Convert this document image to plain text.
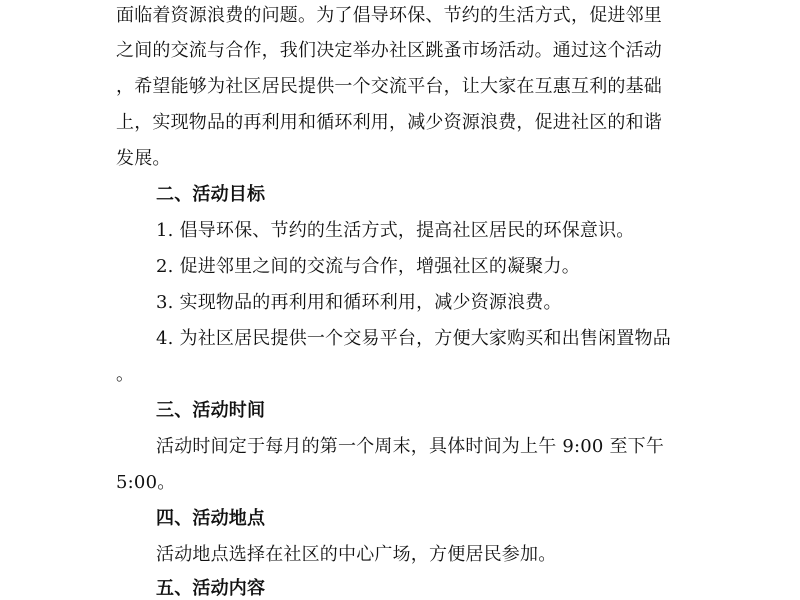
面临着资源浪费的问题。为了倡导环保、节约的生活方式，促进邻里
之间的交流与合作，我们决定举办社区跳蚤市场活动。通过这个活动
，希望能够为社区居民提供一个交流平台，让大家在互惠互利的基础
上，实现物品的再利用和循环利用，减少资源浪费，促进社区的和谐
发展。
二、活动目标
1. 倡导环保、节约的生活方式，提高社区居民的环保意识。
2. 促进邻里之间的交流与合作，增强社区的凝聚力。
3. 实现物品的再利用和循环利用，减少资源浪费。
4. 为社区居民提供一个交易平台，方便大家购买和出售闲置物品
。
三、活动时间
活动时间定于每月的第一个周末，具体时间为上午 9:00 至下午
5:00。
四、活动地点
活动地点选择在社区的中心广场，方便居民参加。
五、活动内容
